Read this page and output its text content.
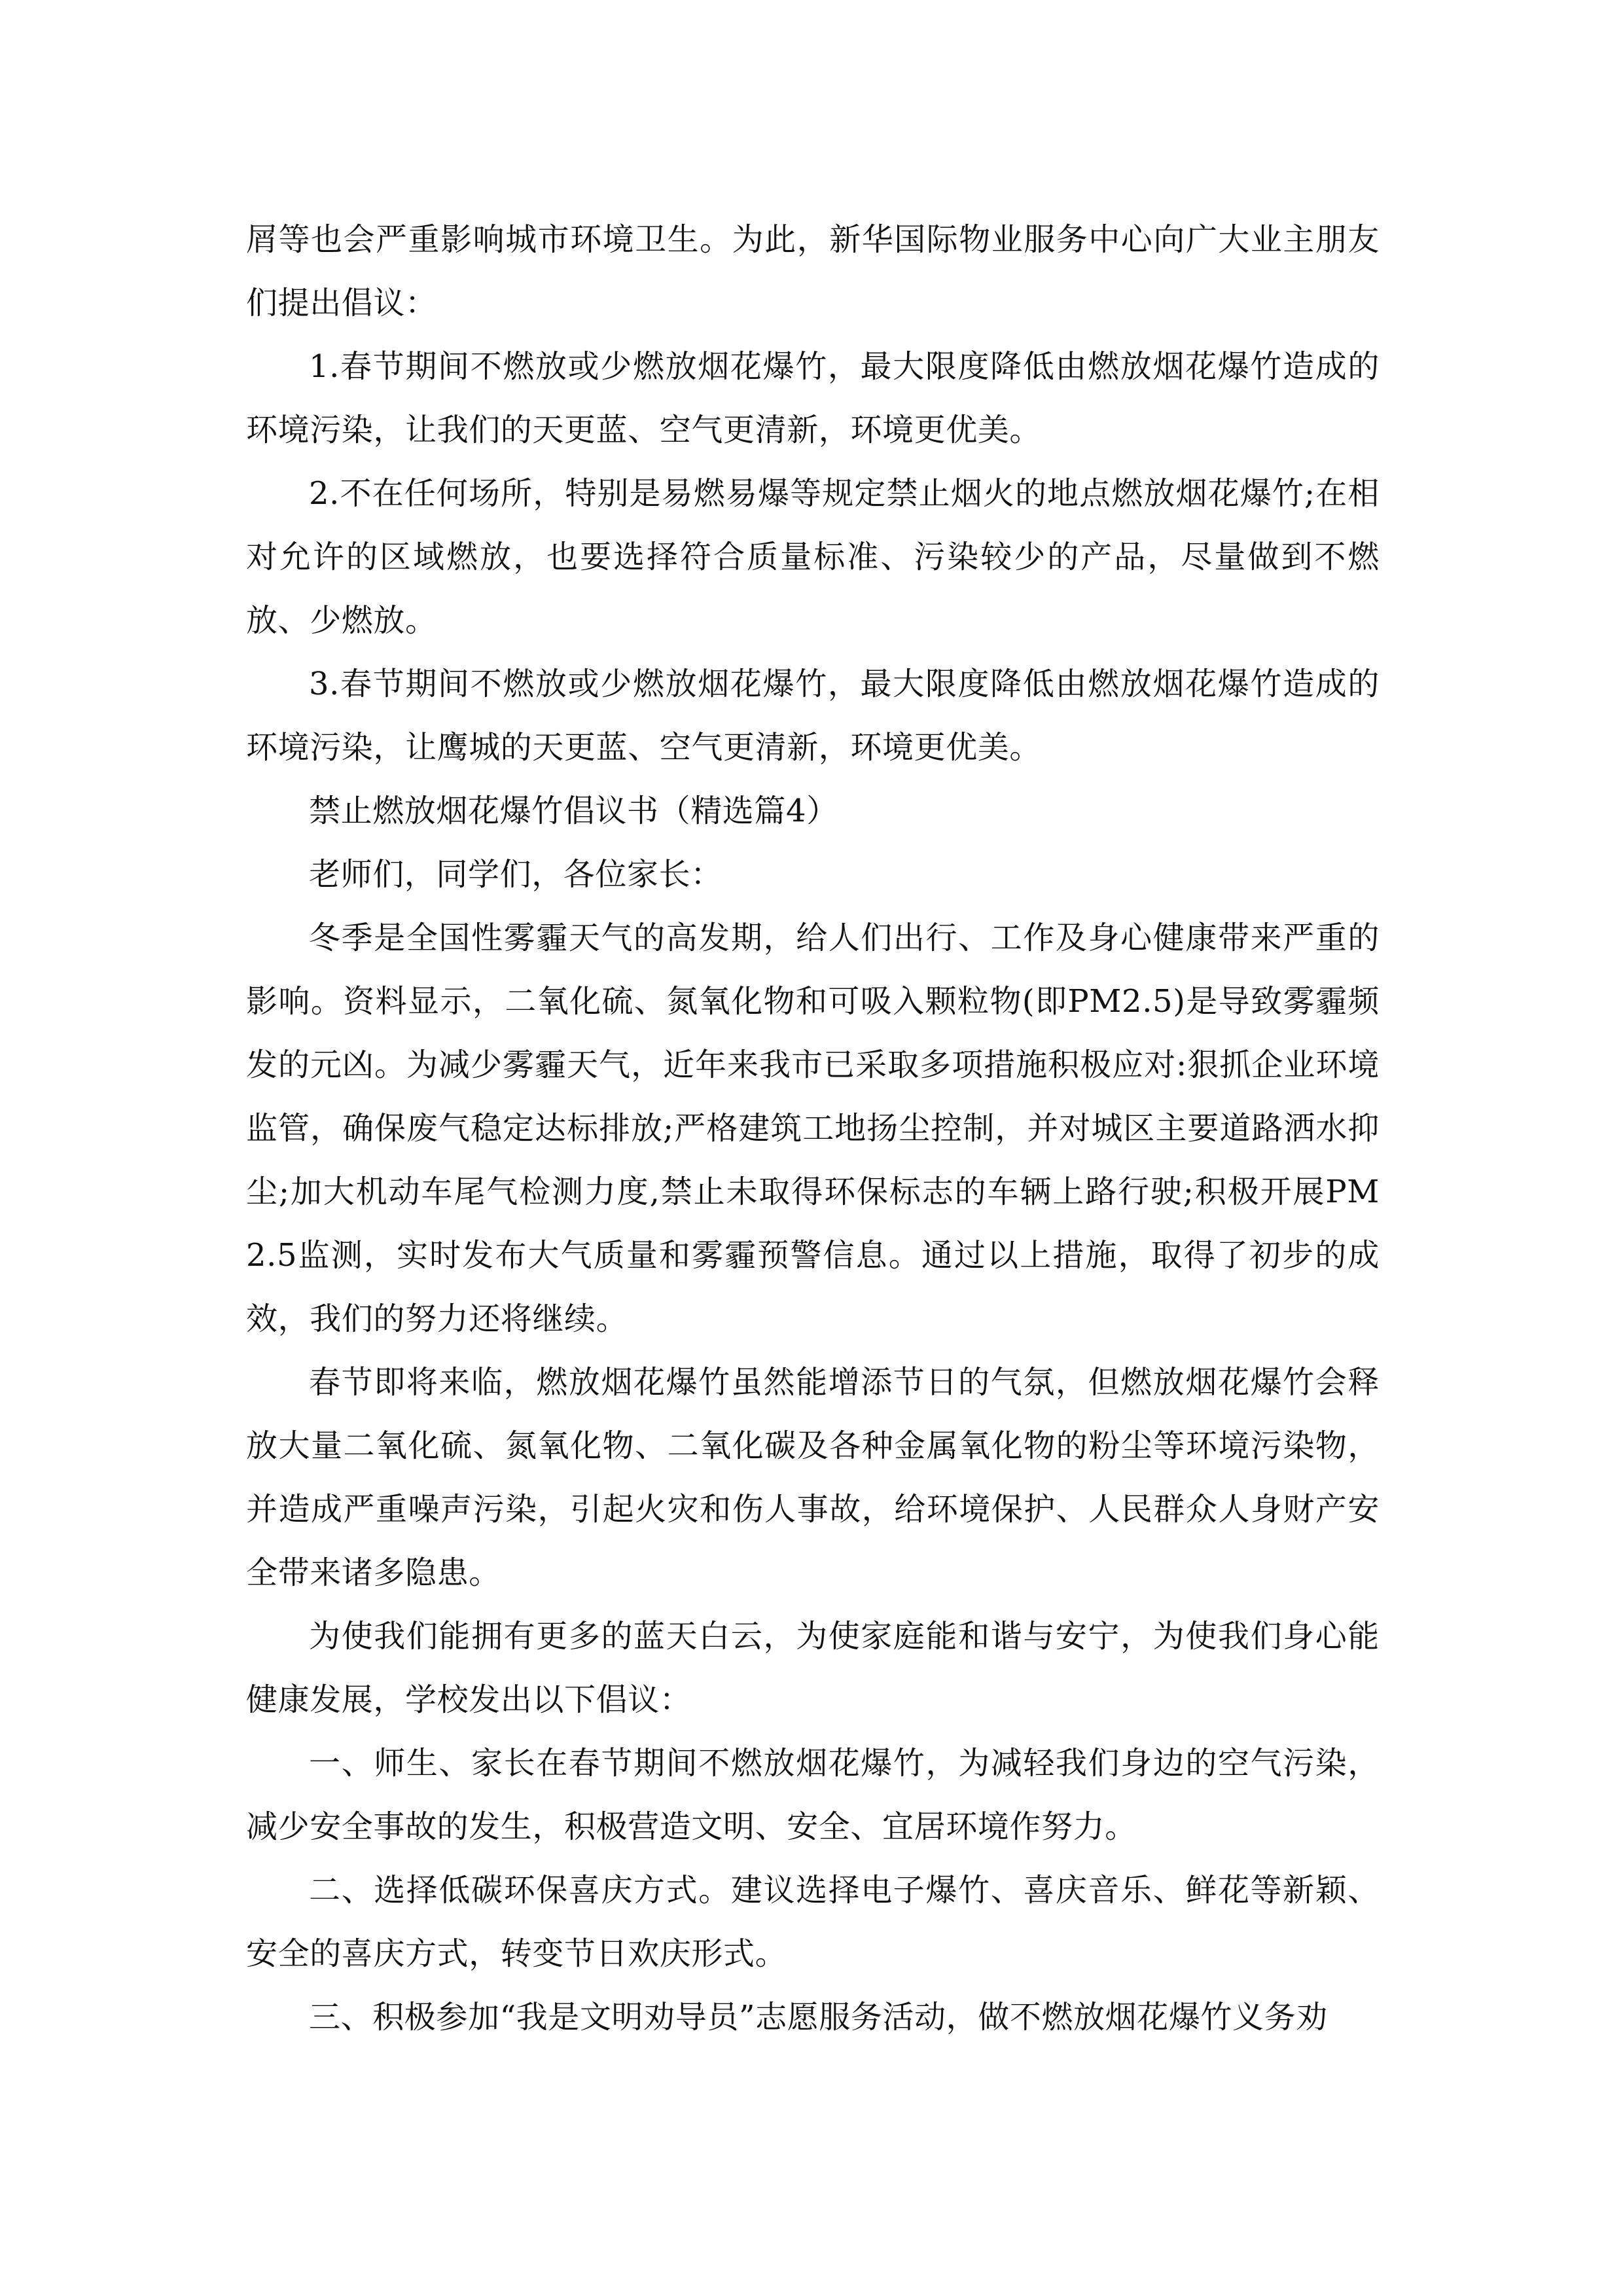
屑等也会严重影响城市环境卫生。为此，新华国际物业服务中心向广大业主朋友们提出倡议：

1.春节期间不燃放或少燃放烟花爆竹，最大限度降低由燃放烟花爆竹造成的环境污染，让我们的天更蓝、空气更清新，环境更优美。

2.不在任何场所，特别是易燃易爆等规定禁止烟火的地点燃放烟花爆竹;在相对允许的区域燃放，也要选择符合质量标准、污染较少的产品，尽量做到不燃放、少燃放。

3.春节期间不燃放或少燃放烟花爆竹，最大限度降低由燃放烟花爆竹造成的环境污染，让鹰城的天更蓝、空气更清新，环境更优美。

禁止燃放烟花爆竹倡议书（精选篇4）

老师们，同学们，各位家长：

冬季是全国性雾霾天气的高发期，给人们出行、工作及身心健康带来严重的影响。资料显示，二氧化硫、氮氧化物和可吸入颗粒物(即PM2.5)是导致雾霾频发的元凶。为减少雾霾天气，近年来我市已采取多项措施积极应对:狠抓企业环境监管，确保废气稳定达标排放;严格建筑工地扬尘控制，并对城区主要道路洒水抑尘;加大机动车尾气检测力度,禁止未取得环保标志的车辆上路行驶;积极开展PM2.5监测，实时发布大气质量和雾霾预警信息。通过以上措施，取得了初步的成效，我们的努力还将继续。

春节即将来临，燃放烟花爆竹虽然能增添节日的气氛，但燃放烟花爆竹会释放大量二氧化硫、氮氧化物、二氧化碳及各种金属氧化物的粉尘等环境污染物，并造成严重噪声污染，引起火灾和伤人事故，给环境保护、人民群众人身财产安全带来诸多隐患。

为使我们能拥有更多的蓝天白云，为使家庭能和谐与安宁，为使我们身心能健康发展，学校发出以下倡议：

一、师生、家长在春节期间不燃放烟花爆竹，为减轻我们身边的空气污染，减少安全事故的发生，积极营造文明、安全、宜居环境作努力。

二、选择低碳环保喜庆方式。建议选择电子爆竹、喜庆音乐、鲜花等新颖、安全的喜庆方式，转变节日欢庆形式。

三、积极参加“我是文明劝导员”志愿服务活动，做不燃放烟花爆竹义务劝
